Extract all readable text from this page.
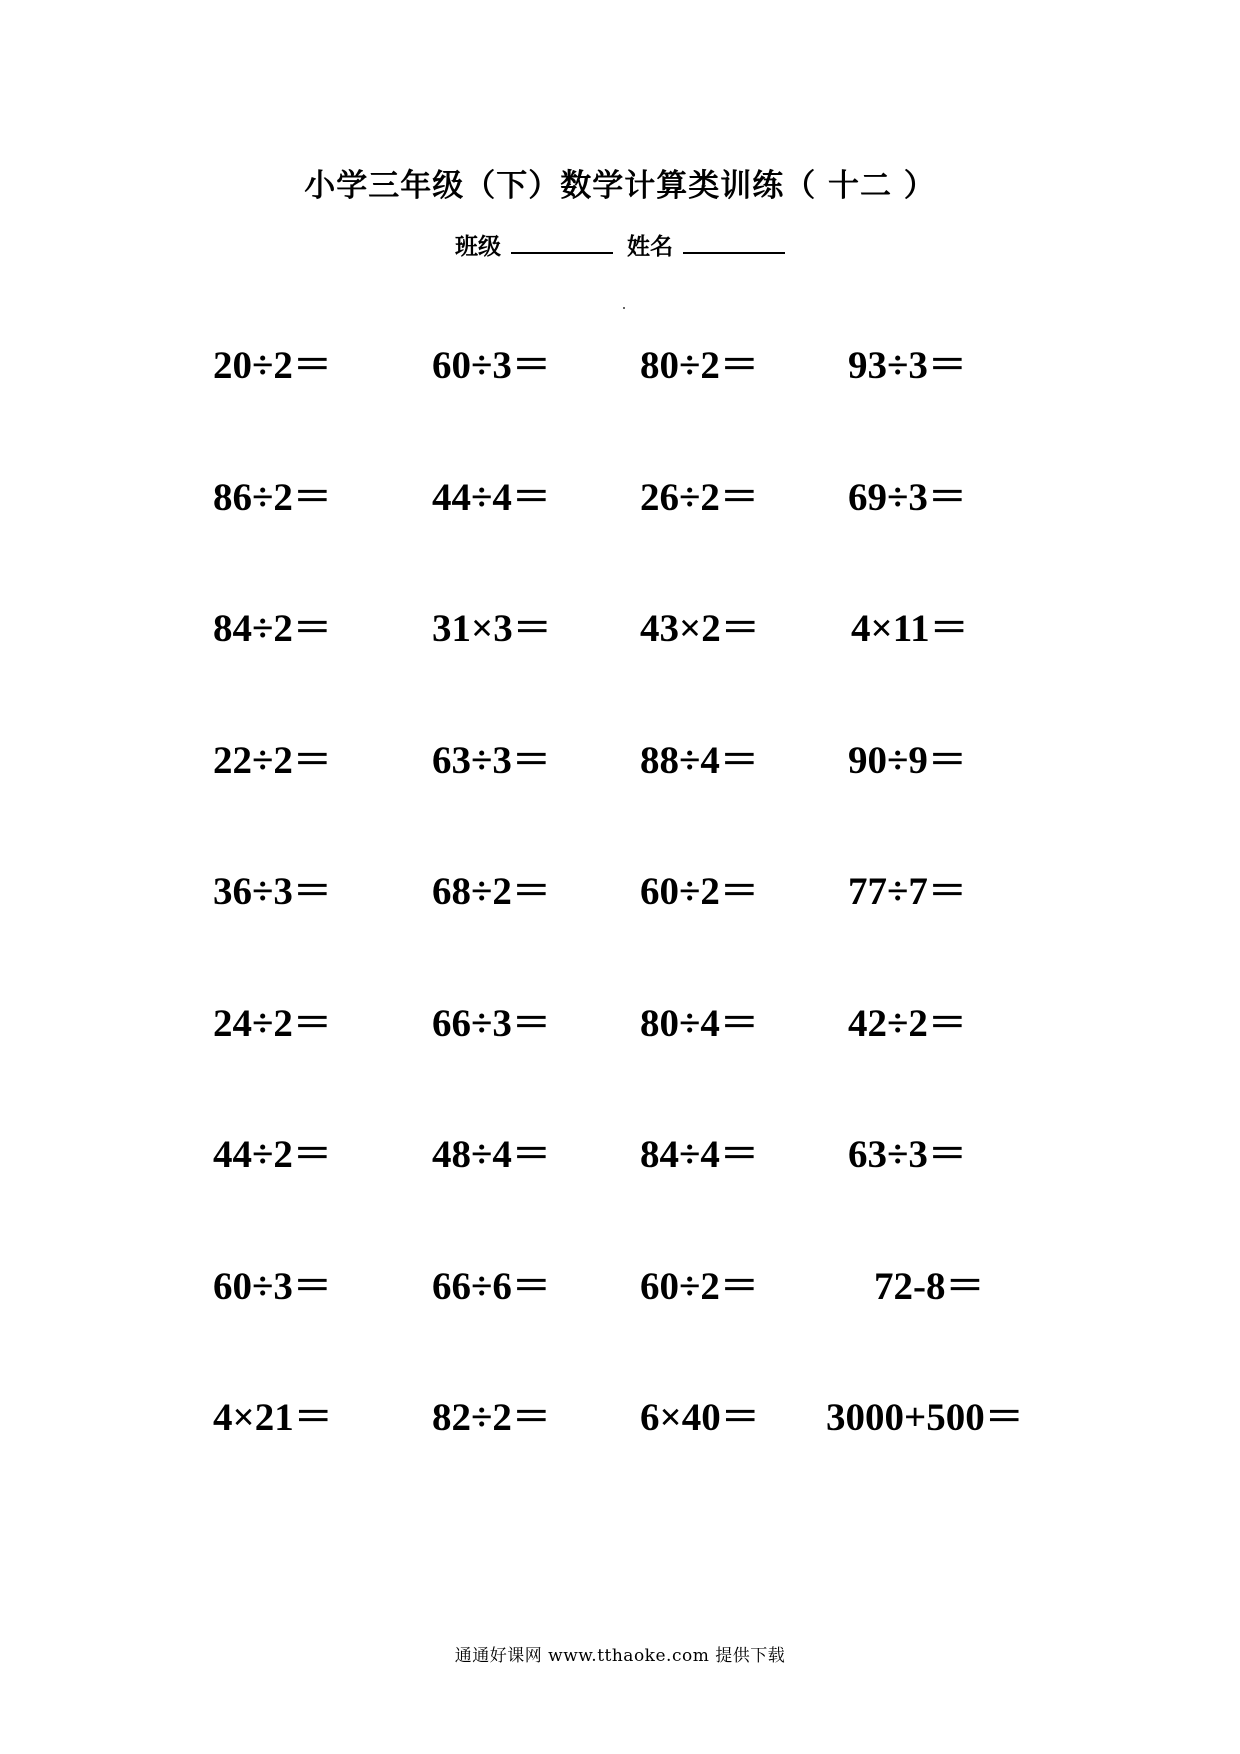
小学三年级（下）数学计算类训练（ 十二 ）
班级	姓名
20÷2＝	60÷3＝ 80÷2＝ 93÷3＝
86÷2＝	44÷4＝ 26÷2＝ 69÷3＝
84÷2＝	31×3＝ 43×2＝ 4×11＝
22÷2＝	63÷3＝ 88÷4＝ 90÷9＝
36÷3＝	68÷2＝ 60÷2＝ 77÷7＝
24÷2＝	66÷3＝ 80÷4＝ 42÷2＝
44÷2＝	48÷4＝ 84÷4＝ 63÷3＝
60÷3＝	66÷6＝ 60÷2＝	72-8＝
4×21＝	82÷2＝ 6×40＝ 3000+500＝
通通好课网 www.tthaoke.com 提供下载
